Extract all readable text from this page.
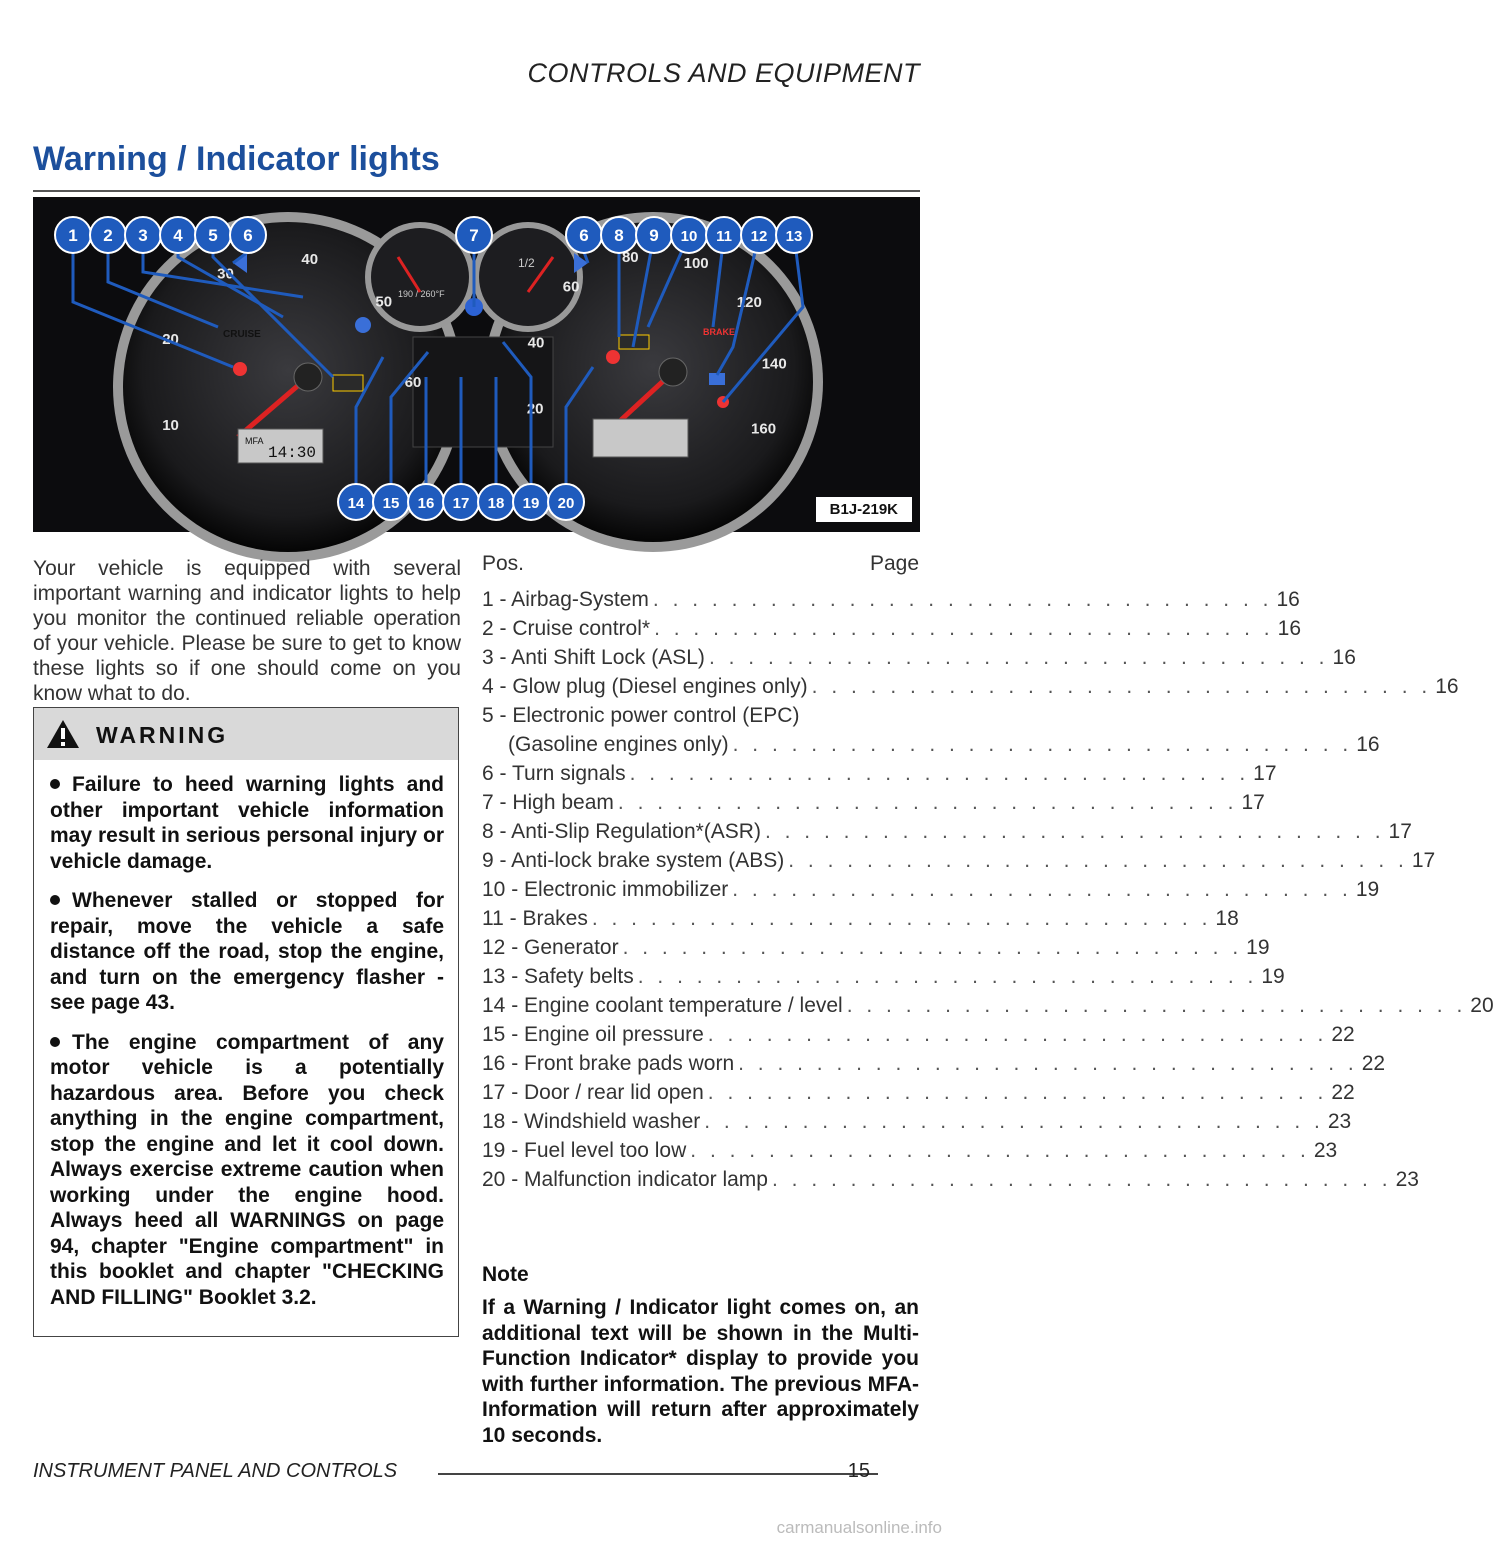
CONTROLS AND EQUIPMENT
Warning / Indicator lights
MFA
14:30
190 / 260°F
1/2
CRUISE	BRAKE
10
20
30
40
50
60
20
40
60
80	100
120
140
160
1 2 3 4 5 6	7	6 8 9 10 11 12 13
14 15 16 17 18 19 20	B1J-219K
Your vehicle is equipped with several important warning and indicator lights to help you monitor the continued reliable operation of your vehicle. Please be sure to get to know these lights so if one should come on you know what to do.
WARNING
Failure to heed warning lights and other important vehicle information may result in serious personal injury or vehicle damage.
Whenever stalled or stopped for repair, move the vehicle a safe distance off the road, stop the engine, and turn on the emergency flasher - see page 43.
The engine compartment of any motor vehicle is a potentially hazardous area. Before you check anything in the engine compartment, stop the engine and let it cool down. Always exercise extreme caution when working under the engine hood. Always heed all WARNINGS on page 94, chapter "Engine compartment" in this booklet and chapter "CHECKING AND FILLING" Booklet 3.2.
Pos.	Page
1 - Airbag-System . . . . . . . . . . . . . . . . . . . . . . . . . . . . . . . . 16
2 - Cruise control* . . . . . . . . . . . . . . . . . . . . . . . . . . . . . . . . 16
3 - Anti Shift Lock (ASL) . . . . . . . . . . . . . . . . . . . . . . . . . . . . . . . . 16
4 - Glow plug (Diesel engines only) . . . . . . . . . . . . . . . . . . . . . . . . . . . . . . . . 16
5 - Electronic power control (EPC)
(Gasoline engines only) . . . . . . . . . . . . . . . . . . . . . . . . . . . . . . . . 16
6 - Turn signals . . . . . . . . . . . . . . . . . . . . . . . . . . . . . . . . 17
7 - High beam . . . . . . . . . . . . . . . . . . . . . . . . . . . . . . . . 17
8 - Anti-Slip Regulation*(ASR) . . . . . . . . . . . . . . . . . . . . . . . . . . . . . . . . 17
9 - Anti-lock brake system (ABS) . . . . . . . . . . . . . . . . . . . . . . . . . . . . . . . . 17
10 - Electronic immobilizer . . . . . . . . . . . . . . . . . . . . . . . . . . . . . . . . 19
11 - Brakes . . . . . . . . . . . . . . . . . . . . . . . . . . . . . . . . 18
12 - Generator . . . . . . . . . . . . . . . . . . . . . . . . . . . . . . . . 19
13 - Safety belts . . . . . . . . . . . . . . . . . . . . . . . . . . . . . . . . 19
14 - Engine coolant temperature / level . . . . . . . . . . . . . . . . . . . . . . . . . . . . . . . . 20
15 - Engine oil pressure . . . . . . . . . . . . . . . . . . . . . . . . . . . . . . . . 22
16 - Front brake pads worn . . . . . . . . . . . . . . . . . . . . . . . . . . . . . . . . 22
17 - Door / rear lid open . . . . . . . . . . . . . . . . . . . . . . . . . . . . . . . . 22
18 - Windshield washer . . . . . . . . . . . . . . . . . . . . . . . . . . . . . . . . 23
19 - Fuel level too low . . . . . . . . . . . . . . . . . . . . . . . . . . . . . . . . 23
20 - Malfunction indicator lamp . . . . . . . . . . . . . . . . . . . . . . . . . . . . . . . . 23
Note
If a Warning / Indicator light comes on, an additional text will be shown in the Multi-Function Indicator* display to provide you with further information. The previous MFA-Information will return after approximately 10 seconds.
INSTRUMENT PANEL AND CONTROLS	15
carmanualsonline.info
